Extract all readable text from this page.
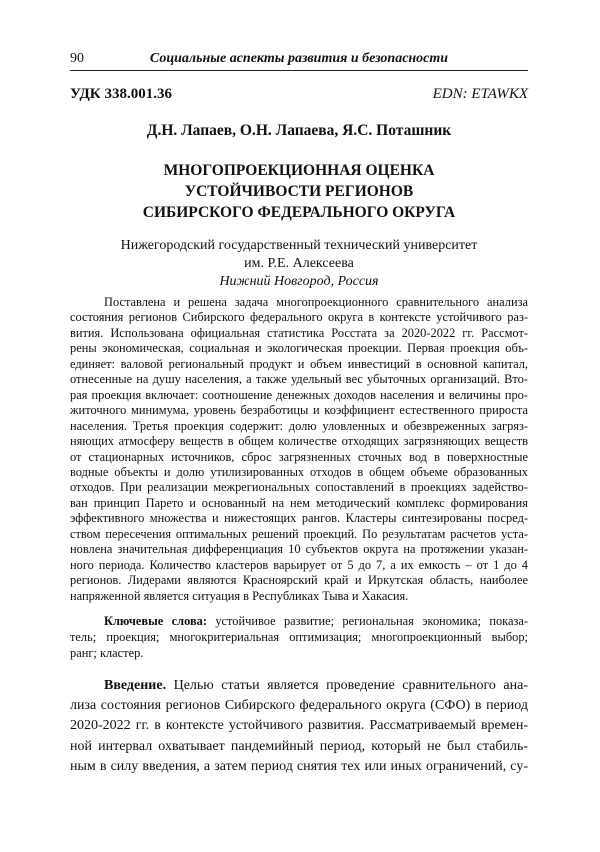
90	Социальные аспекты развития и безопасности
УДК 338.001.36	EDN: ETAWKX
Д.Н. Лапаев, О.Н. Лапаева, Я.С. Поташник
МНОГОПРОЕКЦИОННАЯ ОЦЕНКА
УСТОЙЧИВОСТИ РЕГИОНОВ
СИБИРСКОГО ФЕДЕРАЛЬНОГО ОКРУГА
Нижегородский государственный технический университет
им. Р.Е. Алексеева
Нижний Новгород, Россия
Поставлена и решена задача многопроекционного сравнительного анализа
состояния регионов Сибирского федерального округа в контексте устойчивого раз-
вития. Использована официальная статистика Росстата за 2020-2022 гг. Рассмот-
рены экономическая, социальная и экологическая проекции. Первая проекция объ-
единяет: валовой региональный продукт и объем инвестиций в основной капитал,
отнесенные на душу населения, а также удельный вес убыточных организаций. Вто-
рая проекция включает: соотношение денежных доходов населения и величины про-
житочного минимума, уровень безработицы и коэффициент естественного прироста
населения. Третья проекция содержит: долю уловленных и обезвреженных загряз-
няющих атмосферу веществ в общем количестве отходящих загрязняющих веществ
от стационарных источников, сброс загрязненных сточных вод в поверхностные
водные объекты и долю утилизированных отходов в общем объеме образованных
отходов. При реализации межрегиональных сопоставлений в проекциях задейство-
ван принцип Парето и основанный на нем методический комплекс формирования
эффективного множества и нижестоящих рангов. Кластеры синтезированы посред-
ством пересечения оптимальных решений проекций. По результатам расчетов уста-
новлена значительная дифференциация 10 субъектов округа на протяжении указан-
ного периода. Количество кластеров варьирует от 5 до 7, а их емкость – от 1 до 4
регионов. Лидерами являются Красноярский край и Иркутская область, наиболее
напряженной является ситуация в Республиках Тыва и Хакасия.
Ключевые слова: устойчивое развитие; региональная экономика; показа-
тель; проекция; многокритериальная оптимизация; многопроекционный выбор;
ранг; кластер.
Введение. Целью статьи является проведение сравнительного ана-
лиза состояния регионов Сибирского федерального округа (СФО) в период
2020-2022 гг. в контексте устойчивого развития. Рассматриваемый времен-
ной интервал охватывает пандемийный период, который не был стабиль-
ным в силу введения, а затем период снятия тех или иных ограничений, су-
